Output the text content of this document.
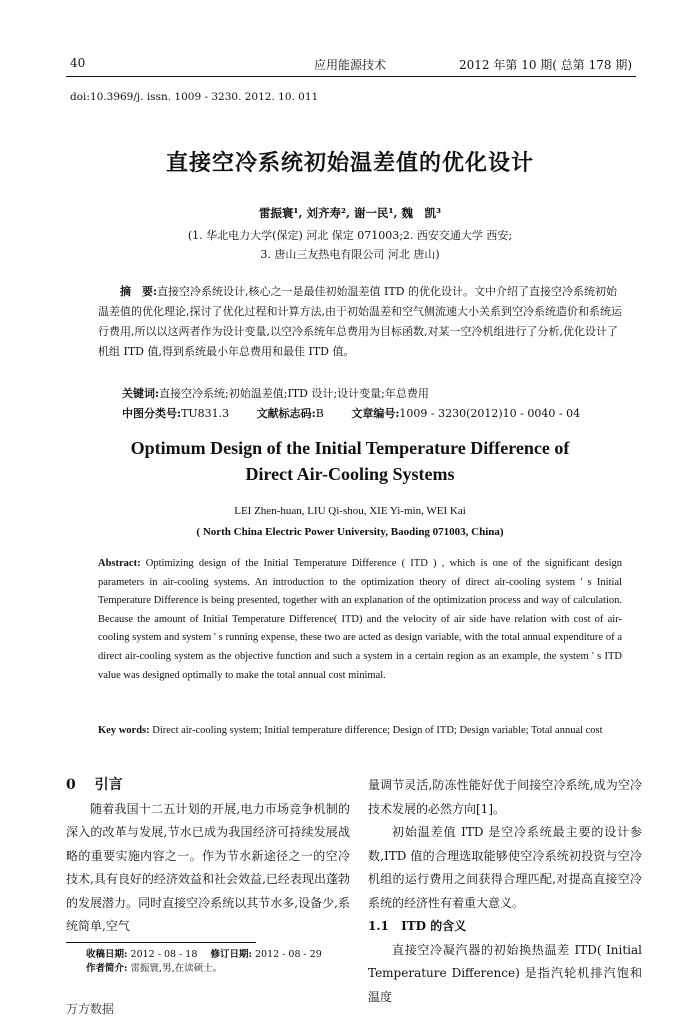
40	应用能源技术	2012 年第 10 期( 总第 178 期)
doi:10.3969/j. issn. 1009 - 3230. 2012. 10. 011
直接空冷系统初始温差值的优化设计
雷振寰¹, 刘齐寿², 谢一民¹, 魏　凯³
(1. 华北电力大学(保定) 河北 保定 071003;2. 西安交通大学 西安;
3. 唐山三友热电有限公司 河北 唐山)
摘　要:直接空冷系统设计,核心之一是最佳初始温差值 ITD 的优化设计。文中介绍了直接空冷系统初始温差值的优化理论,探讨了优化过程和计算方法,由于初始温差和空气侧流速大小关系到空冷系统造价和系统运行费用,所以以这两者作为设计变量,以空冷系统年总费用为目标函数,对某一空冷机组进行了分析,优化设计了机组 ITD 值,得到系统最小年总费用和最佳 ITD 值。
关键词:直接空冷系统;初始温差值;ITD 设计;设计变量;年总费用
中图分类号:TU831.3	文献标志码:B	文章编号:1009 - 3230(2012)10 - 0040 - 04
Optimum Design of the Initial Temperature Difference of
Direct Air-Cooling Systems
LEI Zhen-huan, LIU Qi-shou, XIE Yi-min, WEI Kai
( North China Electric Power University, Baoding 071003, China)
Abstract: Optimizing design of the Initial Temperature Difference ( ITD ) , which is one of the significant design parameters in air-cooling systems. An introduction to the optimization theory of direct air-cooling system ' s Initial Temperature Difference is being presented, together with an explanation of the optimization process and way of calculation. Because the amount of Initial Temperature Difference( ITD) and the velocity of air side have relation with cost of air-cooling system and system ' s running expense, these two are acted as design variable, with the total annual expenditure of a direct air-cooling system as the objective function and such a system in a certain region as an example, the system ' s ITD value was designed optimally to make the total annual cost minimal.
Key words: Direct air-cooling system; Initial temperature difference; Design of ITD; Design variable; Total annual cost
0 引言

随着我国十二五计划的开展,电力市场竞争机制的深入的改革与发展,节水已成为我国经济可持续发展战略的重要实施内容之一。作为节水新途径之一的空冷技术,具有良好的经济效益和社会效益,已经表现出蓬勃的发展潜力。同时直接空冷系统以其节水多,设备少,系统简单,空气

收稿日期: 2012 - 08 - 18 修订日期: 2012 - 08 - 29
作者简介: 雷振寰,男,在读硕士。

量调节灵活,防冻性能好优于间接空冷系统,成为空冷技术发展的必然方向[1]。

初始温差值 ITD 是空冷系统最主要的设计参数,ITD 值的合理选取能够使空冷系统初投资与空冷机组的运行费用之间获得合理匹配,对提高直接空冷系统的经济性有着重大意义。

1.1 ITD 的含义

直接空冷凝汽器的初始换热温差 ITD( Initial Temperature Difference) 是指汽轮机排汽饱和温度

万方数据
